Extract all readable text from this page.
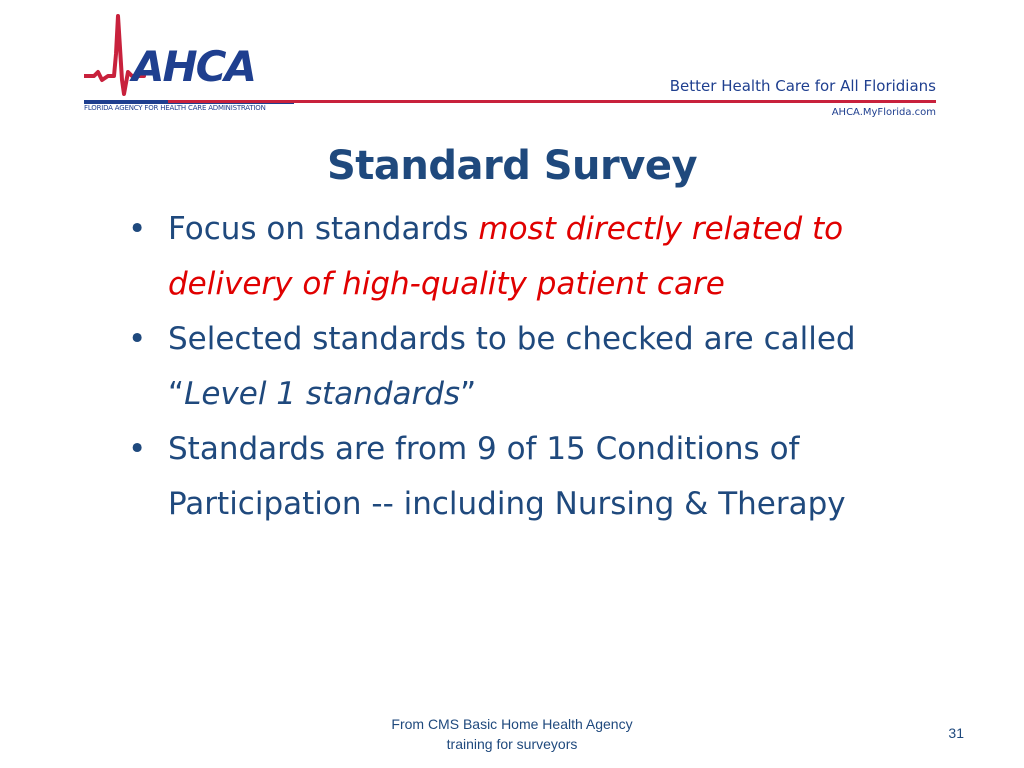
AHCA
FLORIDA AGENCY FOR HEALTH CARE ADMINISTRATION
Better Health Care for All Floridians
AHCA.MyFlorida.com
Standard Survey
• Focus on standards most directly related to delivery of high-quality patient care
• Selected standards to be checked are called “Level 1 standards”
• Standards are from 9 of 15 Conditions of Participation -- including Nursing & Therapy
From CMS Basic Home Health Agency
training for surveyors
31
